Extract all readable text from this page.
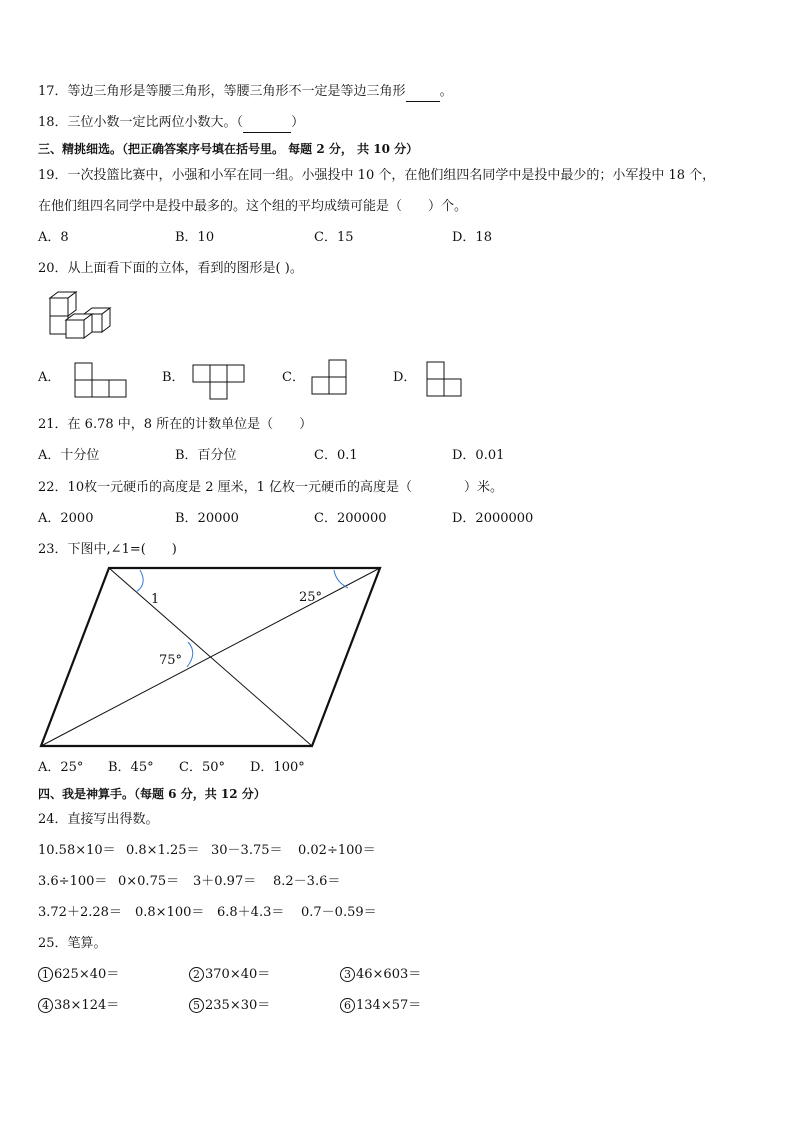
17．等边三角形是等腰三角形，等腰三角形不一定是等边三角形	。
18．三位小数一定比两位小数大。（	）
三、精挑细选。（把正确答案序号填在括号里。 每题 2 分， 共 10 分）
19．一次投篮比赛中，小强和小军在同一组。小强投中 10 个，在他们组四名同学中是投中最少的；小军投中 18 个，
在他们组四名同学中是投中最多的。这个组的平均成绩可能是（　　）个。
A．8	B．10	C．15	D．18
20．从上面看下面的立体，看到的图形是( )。
A．	B．	C．	D．
21．在 6.78 中，8 所在的计数单位是（　　）
A．十分位	B．百分位	C．0.1	D．0.01
22．10枚一元硬币的高度是 2 厘米，1 亿枚一元硬币的高度是（　　　　）米。
A．2000	B．20000	C．200000	D．2000000
23．下图中,∠1=(　　)
1	25°
75°
A．25° B．45° C．50° D．100°
四、我是神算手。（每题 6 分，共 12 分）
24．直接写出得数。
10.58×10＝ 0.8×1.25＝ 30－3.75＝ 0.02÷100＝
3.6÷100＝ 0×0.75＝ 3＋0.97＝ 8.2－3.6＝
3.72＋2.28＝ 0.8×100＝ 6.8＋4.3＝ 0.7－0.59＝
25．笔算。
1 625×40＝	2 370×40＝	3 46×603＝
4 38×124＝	5 235×30＝	6 134×57＝
